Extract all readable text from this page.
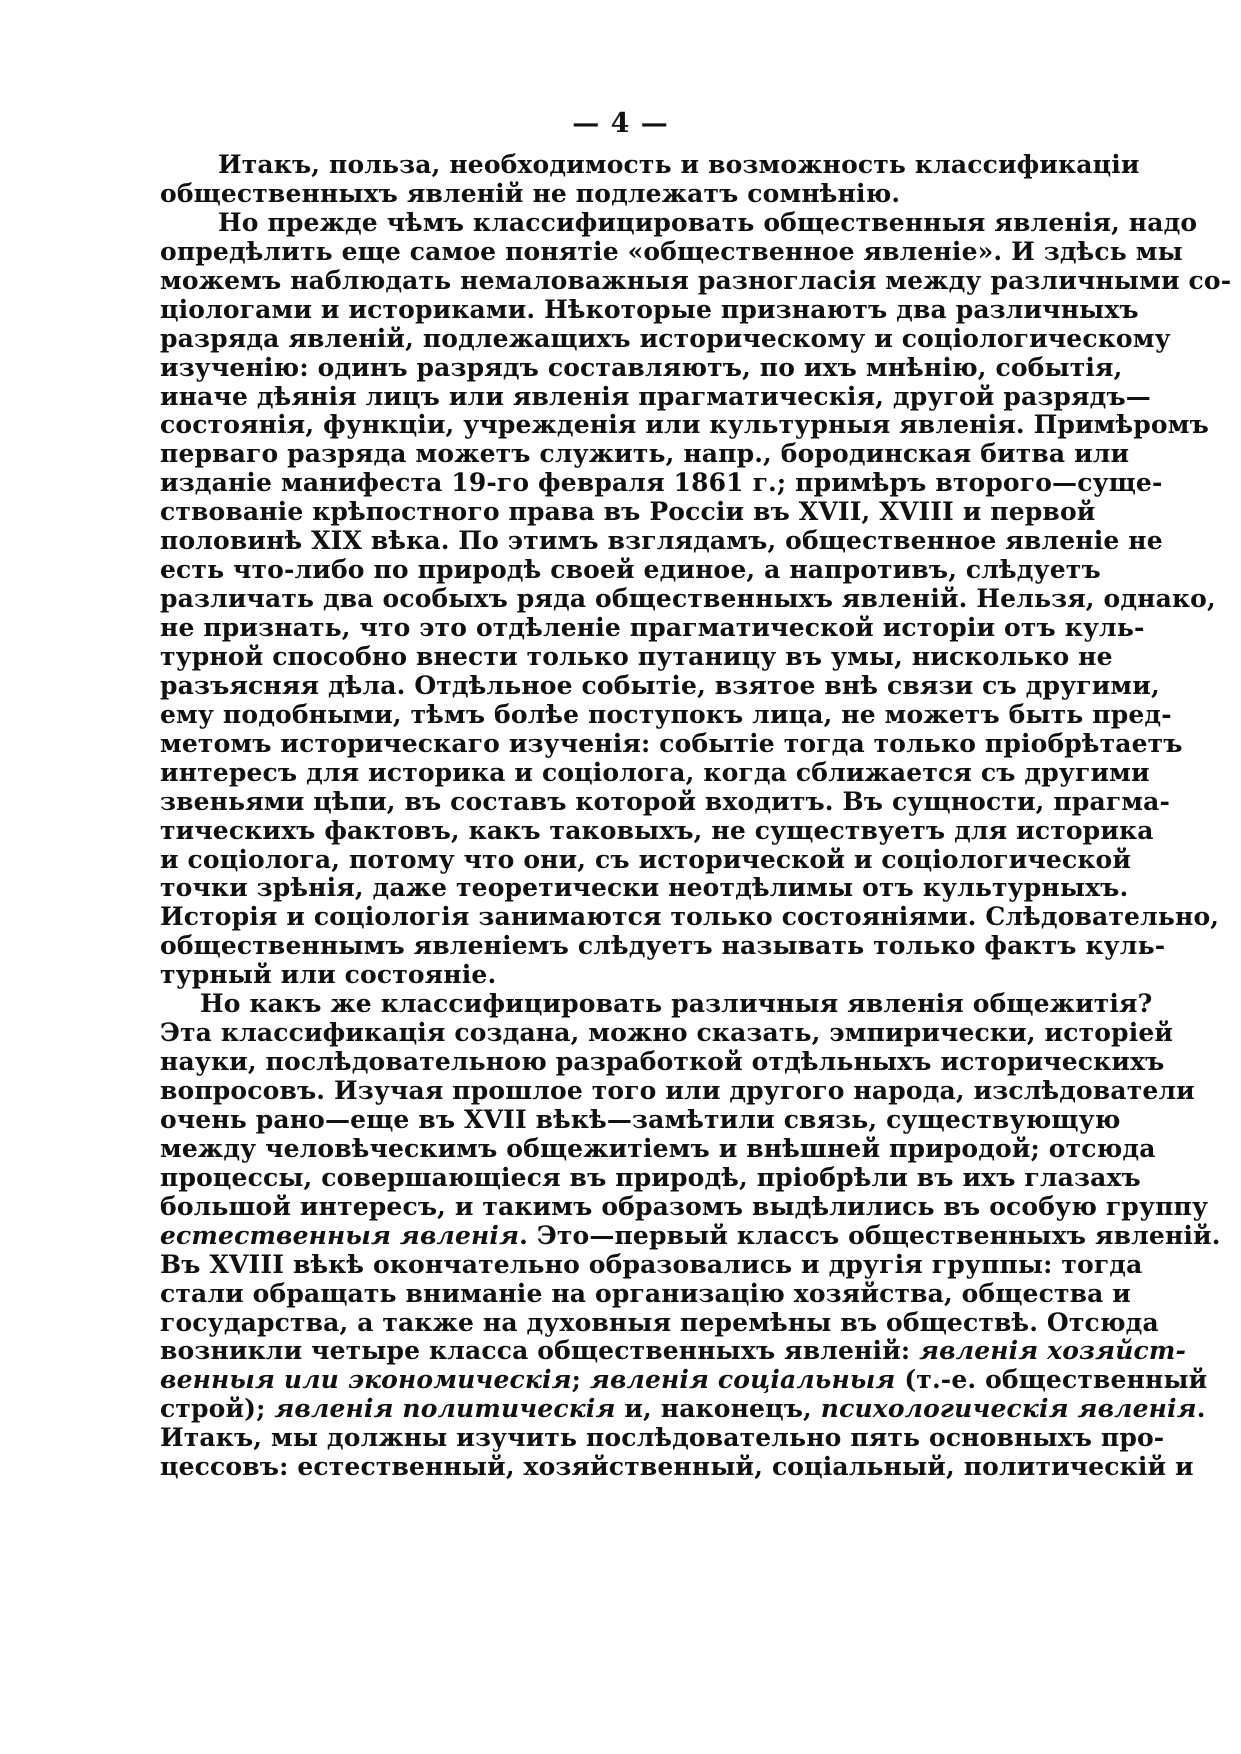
— 4 —
Итакъ, польза, необходимость и возможность классификаціи
общественныхъ явленій не подлежатъ сомнѣнію.
Но прежде чѣмъ классифицировать общественныя явленія, надо
опредѣлить еще самое понятіе «общественное явленіе». И здѣсь мы
можемъ наблюдать немаловажныя разногласія между различными со-
ціологами и историками. Нѣкоторые признаютъ два различныхъ
разряда явленій, подлежащихъ историческому и соціологическому
изученію: одинъ разрядъ составляютъ, по ихъ мнѣнію, событія,
иначе дѣянія лицъ или явленія прагматическія, другой разрядъ—
состоянія, функціи, учрежденія или культурныя явленія. Примѣромъ
перваго разряда можетъ служить, напр., бородинская битва или
изданіе манифеста 19-го февраля 1861 г.; примѣръ второго—суще-
ствованіе крѣпостного права въ Россіи въ XVII, XVIII и первой
половинѣ XIX вѣка. По этимъ взглядамъ, общественное явленіе не
есть что-либо по природѣ своей единое, а напротивъ, слѣдуетъ
различать два особыхъ ряда общественныхъ явленій. Нельзя, однако,
не признать, что это отдѣленіе прагматической исторіи отъ куль-
турной способно внести только путаницу въ умы, нисколько не
разъясняя дѣла. Отдѣльное событіе, взятое внѣ связи съ другими,
ему подобными, тѣмъ болѣе поступокъ лица, не можетъ быть пред-
метомъ историческаго изученія: событіе тогда только пріобрѣтаетъ
интересъ для историка и соціолога, когда сближается съ другими
звеньями цѣпи, въ составъ которой входитъ. Въ сущности, прагма-
тическихъ фактовъ, какъ таковыхъ, не существуетъ для историка
и соціолога, потому что они, съ исторической и соціологической
точки зрѣнія, даже теоретически неотдѣлимы отъ культурныхъ.
Исторія и соціологія занимаются только состояніями. Слѣдовательно,
общественнымъ явленіемъ слѣдуетъ называть только фактъ куль-
турный или состояніе.
Но какъ же классифицировать различныя явленія общежитія?
Эта классификація создана, можно сказать, эмпирически, исторіей
науки, послѣдовательною разработкой отдѣльныхъ историческихъ
вопросовъ. Изучая прошлое того или другого народа, изслѣдователи
очень рано—еще въ XVII вѣкѣ—замѣтили связь, существующую
между человѣческимъ общежитіемъ и внѣшней природой; отсюда
процессы, совершающіеся въ природѣ, пріобрѣли въ ихъ глазахъ
большой интересъ, и такимъ образомъ выдѣлились въ особую группу
естественныя явленія. Это—первый классъ общественныхъ явленій.
Въ XVIII вѣкѣ окончательно образовались и другія группы: тогда
стали обращать вниманіе на организацію хозяйства, общества и
государства, а также на духовныя перемѣны въ обществѣ. Отсюда
возникли четыре класса общественныхъ явленій: явленія хозяйст-
венныя или экономическія; явленія соціальныя (т.-е. общественный
строй); явленія политическія и, наконецъ, психологическія явленія.
Итакъ, мы должны изучить послѣдовательно пять основныхъ про-
цессовъ: естественный, хозяйственный, соціальный, политическій и
